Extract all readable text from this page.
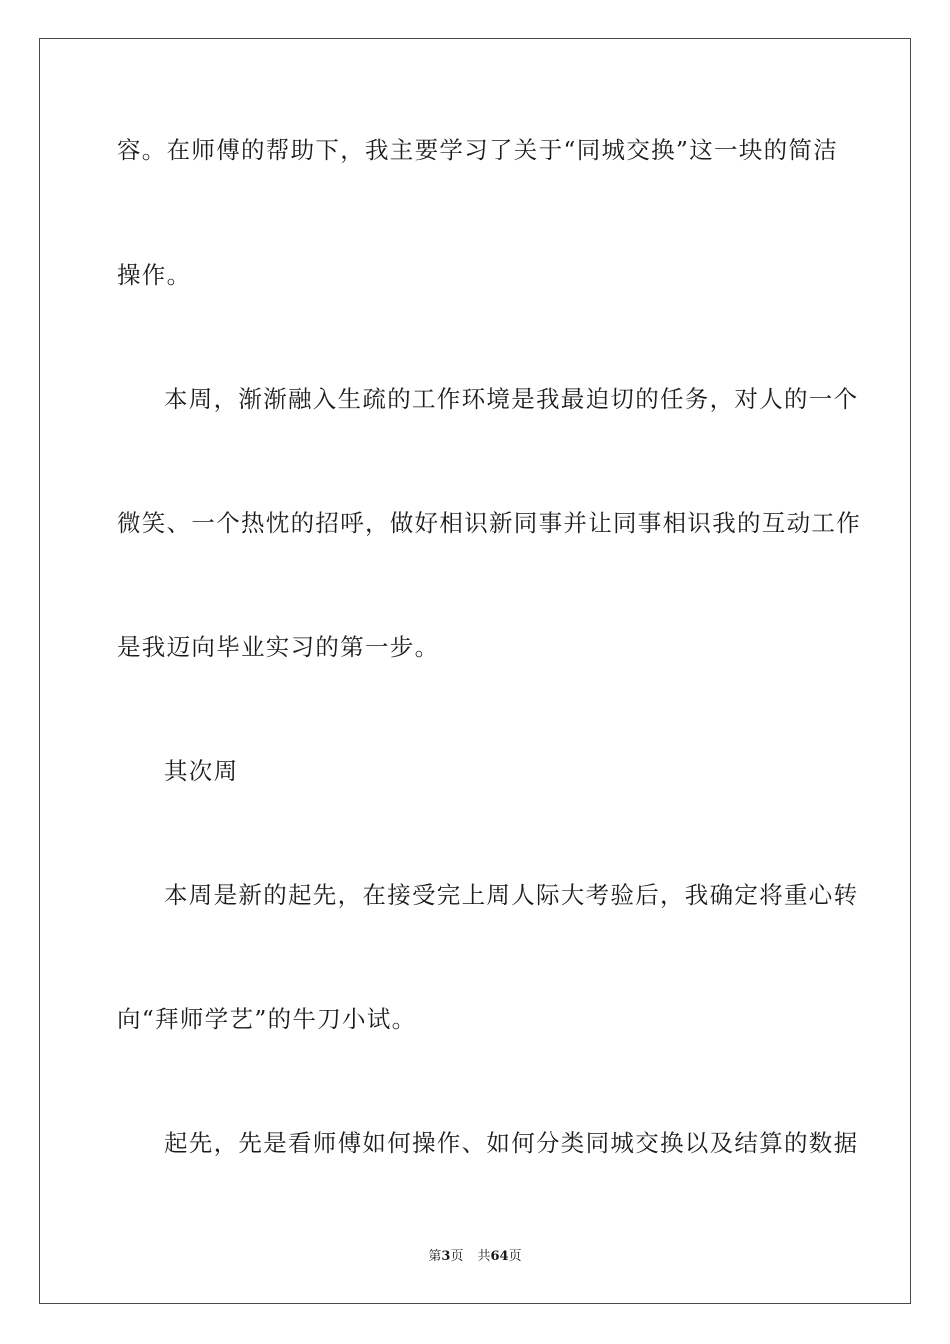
容。在师傅的帮助下，我主要学习了关于“同城交换”这一块的简洁
操作。
本周，渐渐融入生疏的工作环境是我最迫切的任务，对人的一个
微笑、一个热忱的招呼，做好相识新同事并让同事相识我的互动工作
是我迈向毕业实习的第一步。
其次周
本周是新的起先，在接受完上周人际大考验后，我确定将重心转
向“拜师学艺”的牛刀小试。
起先，先是看师傅如何操作、如何分类同城交换以及结算的数据
第3页 共64页
